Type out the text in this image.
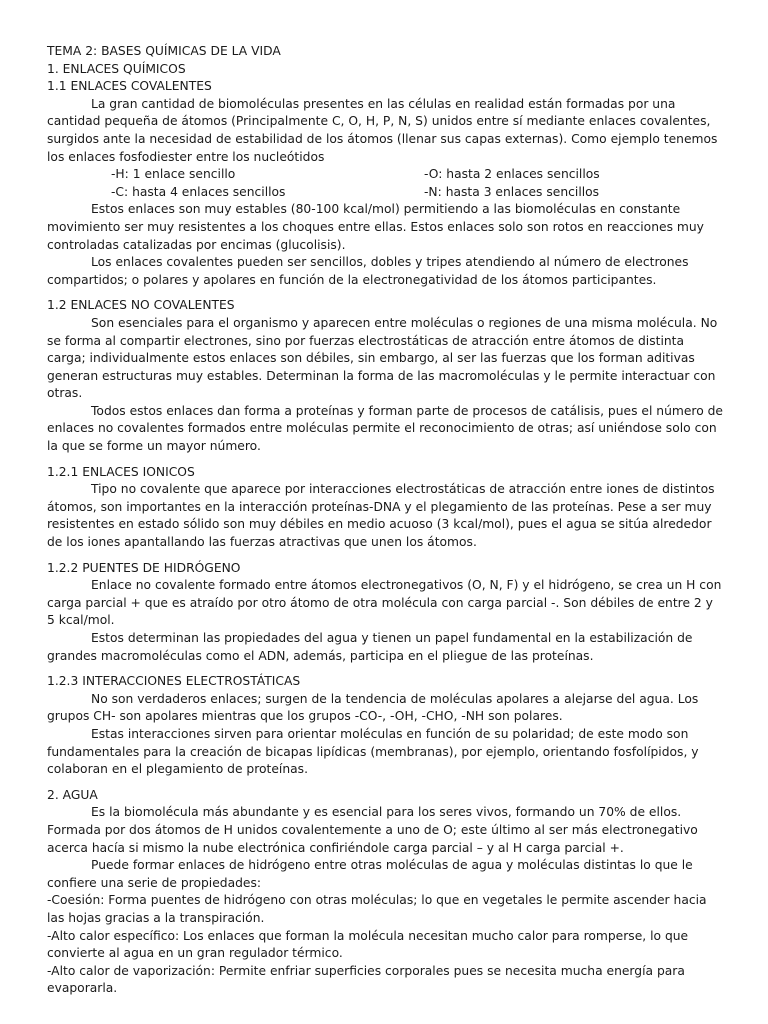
TEMA 2: BASES QUÍMICAS DE LA VIDA
1. ENLACES QUÍMICOS
1.1 ENLACES COVALENTES

La gran cantidad de biomoléculas presentes en las células en realidad están formadas por una cantidad pequeña de átomos (Principalmente C, O, H, P, N, S) unidos entre sí mediante enlaces covalentes, surgidos ante la necesidad de estabilidad de los átomos (llenar sus capas externas). Como ejemplo tenemos los enlaces fosfodiester entre los nucleótidos

-H: 1 enlace sencillo	-O: hasta 2 enlaces sencillos
-C: hasta 4 enlaces sencillos	-N: hasta 3 enlaces sencillos

Estos enlaces son muy estables (80-100 kcal/mol) permitiendo a las biomoléculas en constante movimiento ser muy resistentes a los choques entre ellas. Estos enlaces solo son rotos en reacciones muy controladas catalizadas por encimas (glucolisis).

Los enlaces covalentes pueden ser sencillos, dobles y tripes atendiendo al número de electrones compartidos; o polares y apolares en función de la electronegatividad de los átomos participantes.

1.2 ENLACES NO COVALENTES

Son esenciales para el organismo y aparecen entre moléculas o regiones de una misma molécula. No se forma al compartir electrones, sino por fuerzas electrostáticas de atracción entre átomos de distinta carga; individualmente estos enlaces son débiles, sin embargo, al ser las fuerzas que los forman aditivas generan estructuras muy estables. Determinan la forma de las macromoléculas y le permite interactuar con otras.

Todos estos enlaces dan forma a proteínas y forman parte de procesos de catálisis, pues el número de enlaces no covalentes formados entre moléculas permite el reconocimiento de otras; así uniéndose solo con la que se forme un mayor número.

1.2.1 ENLACES IONICOS

Tipo no covalente que aparece por interacciones electrostáticas de atracción entre iones de distintos átomos, son importantes en la interacción proteínas-DNA y el plegamiento de las proteínas. Pese a ser muy resistentes en estado sólido son muy débiles en medio acuoso (3 kcal/mol), pues el agua se sitúa alrededor de los iones apantallando las fuerzas atractivas que unen los átomos.

1.2.2 PUENTES DE HIDRÓGENO

Enlace no covalente formado entre átomos electronegativos (O, N, F) y el hidrógeno, se crea un H con carga parcial + que es atraído por otro átomo de otra molécula con carga parcial -. Son débiles de entre 2 y 5 kcal/mol.

Estos determinan las propiedades del agua y tienen un papel fundamental en la estabilización de grandes macromoléculas como el ADN, además, participa en el pliegue de las proteínas.

1.2.3 INTERACCIONES ELECTROSTÁTICAS

No son verdaderos enlaces; surgen de la tendencia de moléculas apolares a alejarse del agua. Los grupos CH- son apolares mientras que los grupos -CO-, -OH, -CHO, -NH son polares.

Estas interacciones sirven para orientar moléculas en función de su polaridad; de este modo son fundamentales para la creación de bicapas lipídicas (membranas), por ejemplo, orientando fosfolípidos, y colaboran en el plegamiento de proteínas.

2. AGUA

Es la biomolécula más abundante y es esencial para los seres vivos, formando un 70% de ellos. Formada por dos átomos de H unidos covalentemente a uno de O; este último al ser más electronegativo acerca hacía si mismo la nube electrónica confiriéndole carga parcial – y al H carga parcial +.

Puede formar enlaces de hidrógeno entre otras moléculas de agua y moléculas distintas lo que le confiere una serie de propiedades:

-Coesión: Forma puentes de hidrógeno con otras moléculas; lo que en vegetales le permite ascender hacia las hojas gracias a la transpiración.
-Alto calor específico: Los enlaces que forman la molécula necesitan mucho calor para romperse, lo que convierte al agua en un gran regulador térmico.
-Alto calor de vaporización: Permite enfriar superficies corporales pues se necesita mucha energía para evaporarla.
